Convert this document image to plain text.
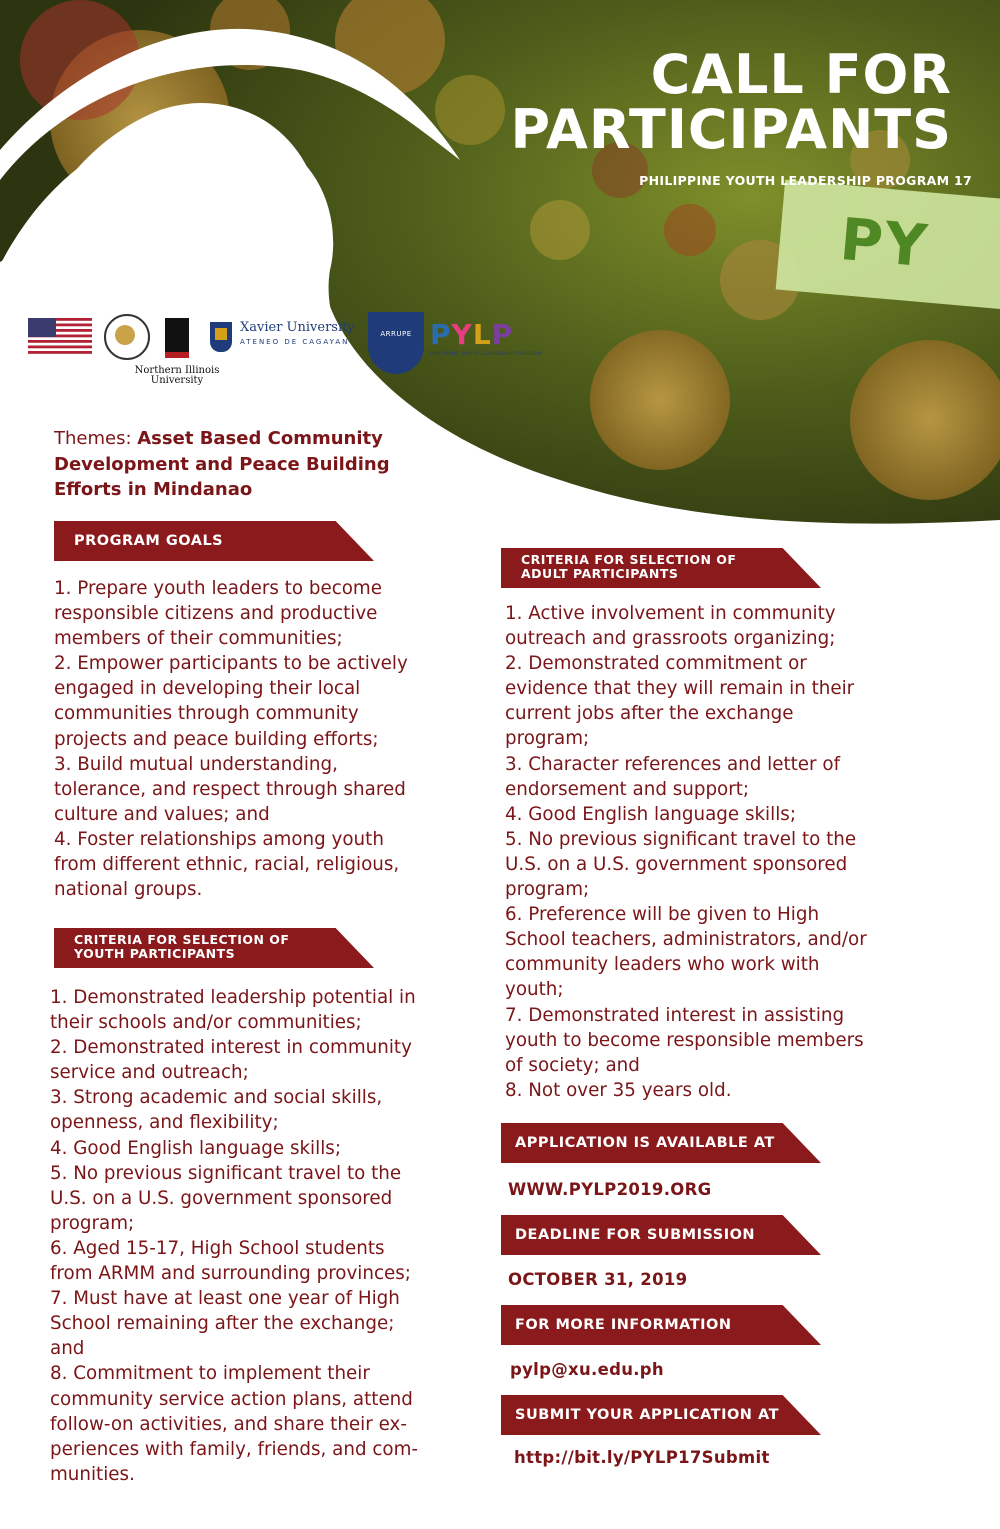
PY
CALL FOR
PARTICIPANTS
PHILIPPINE YOUTH LEADERSHIP PROGRAM 17
Northern Illinois University
Xavier University
ATENEO DE CAGAYAN
ARRUPE PYLP
PHILIPPINE YOUTH LEADERSHIP PROGRAM
Themes: Asset Based Community Development and Peace Building Efforts in Mindanao
PROGRAM GOALS
1. Prepare youth leaders to become
responsible citizens and productive
members of their communities;
2. Empower participants to be actively
engaged in developing their local
communities through community
projects and peace building efforts;
3. Build mutual understanding,
tolerance, and respect through shared
culture and values; and
4. Foster relationships among youth
from different ethnic, racial, religious,
national groups.
CRITERIA FOR SELECTION OF
YOUTH PARTICIPANTS
1. Demonstrated leadership potential in
their schools and/or communities;
2. Demonstrated interest in community
service and outreach;
3. Strong academic and social skills,
openness, and flexibility;
4. Good English language skills;
5. No previous significant travel to the
U.S. on a U.S. government sponsored
program;
6. Aged 15-17, High School students
from ARMM and surrounding provinces;
7. Must have at least one year of High
School remaining after the exchange;
and
8. Commitment to implement their
community service action plans, attend
follow-on activities, and share their ex-
periences with family, friends, and com-
munities.
CRITERIA FOR SELECTION OF
ADULT PARTICIPANTS
1. Active involvement in community
outreach and grassroots organizing;
2. Demonstrated commitment or
evidence that they will remain in their
current jobs after the exchange
program;
3. Character references and letter of
endorsement and support;
4. Good English language skills;
5. No previous significant travel to the
U.S. on a U.S. government sponsored
program;
6. Preference will be given to High
School teachers, administrators, and/or
community leaders who work with
youth;
7. Demonstrated interest in assisting
youth to become responsible members
of society; and
8. Not over 35 years old.
APPLICATION IS AVAILABLE AT
WWW.PYLP2019.ORG
DEADLINE FOR SUBMISSION
OCTOBER 31, 2019
FOR MORE INFORMATION
pylp@xu.edu.ph
SUBMIT YOUR APPLICATION AT
http://bit.ly/PYLP17Submit
